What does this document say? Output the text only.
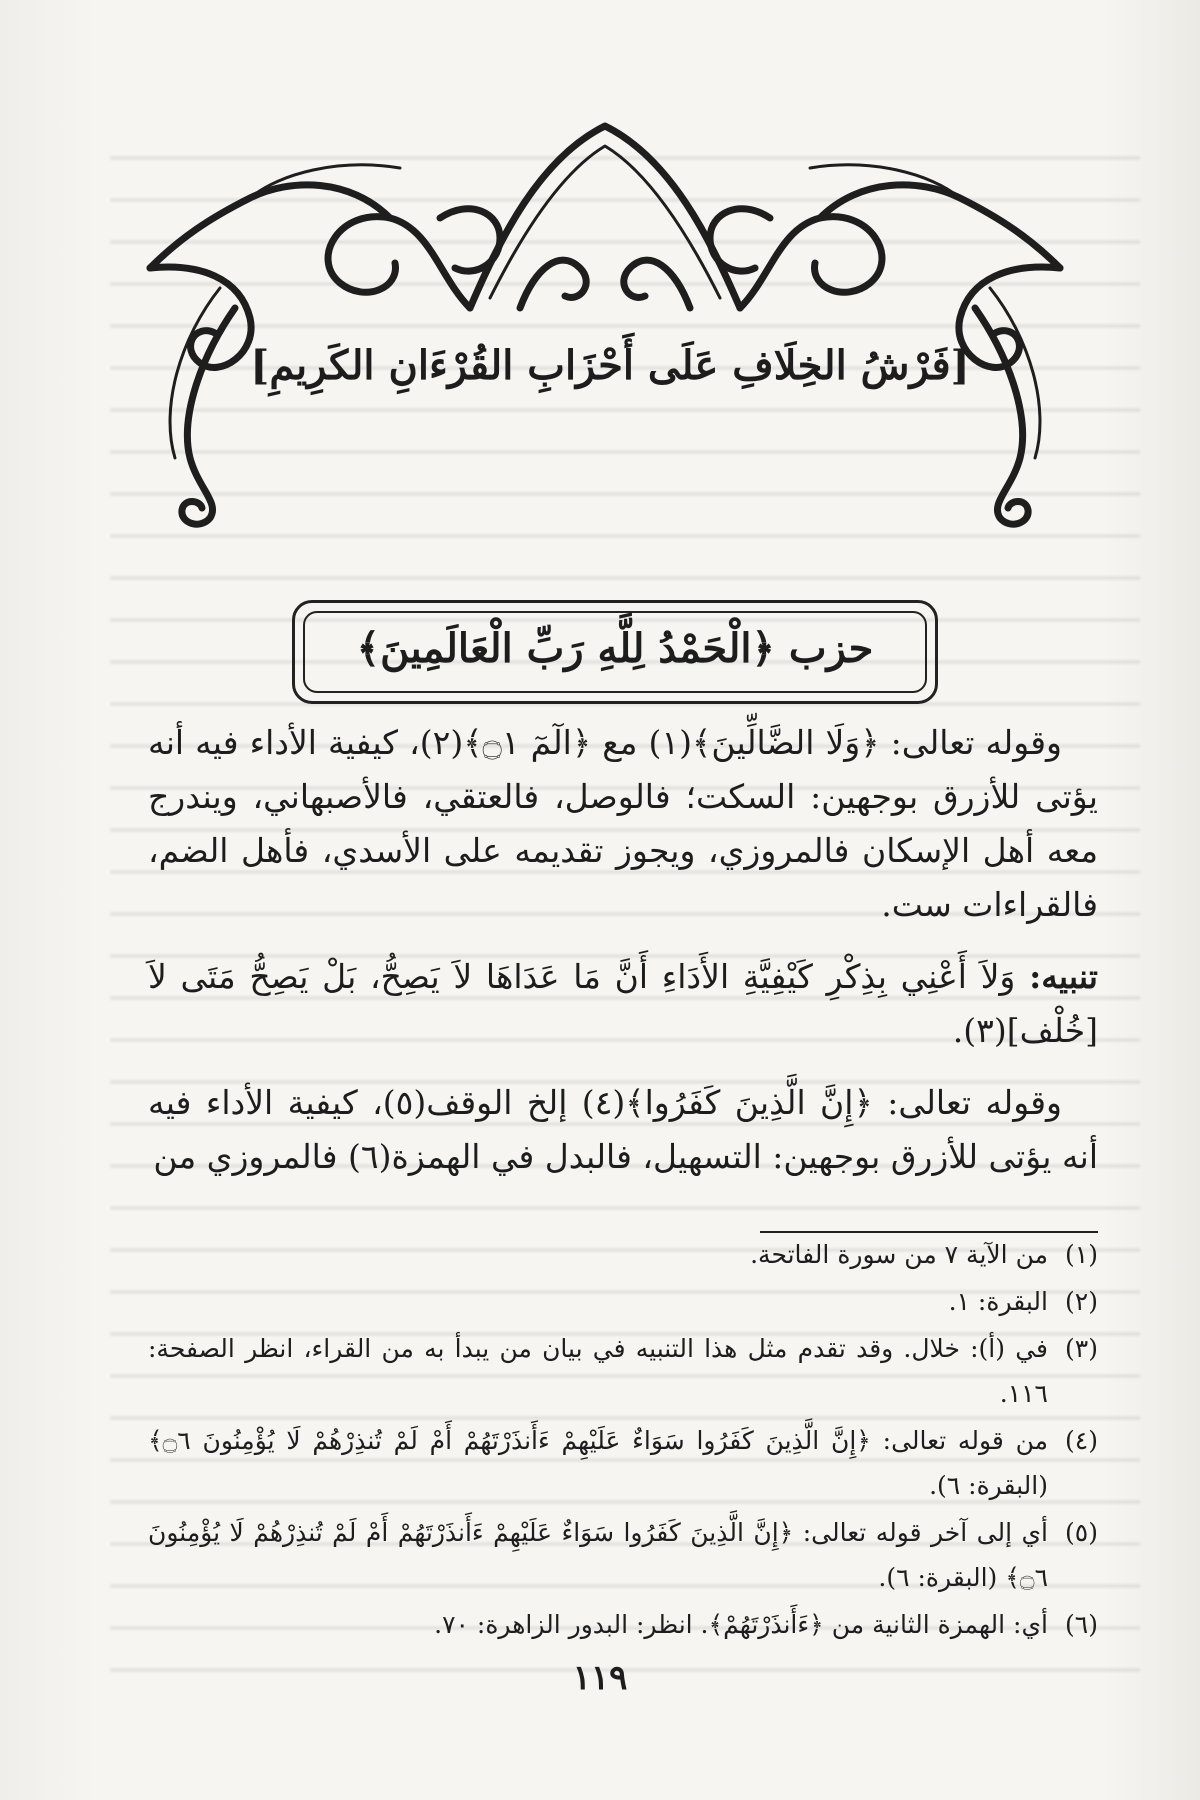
[فَرْشُ الخِلَافِ عَلَى أَحْزَابِ القُرْءَانِ الكَرِيمِ]
حزب ﴿الْحَمْدُ لِلَّهِ رَبِّ الْعَالَمِينَ﴾

وقوله تعالى: ﴿وَلَا الضَّالِّينَ﴾(١) مع ﴿الٓمٓ ۝١﴾(٢)، كيفية الأداء فيه أنه يؤتى للأزرق بوجهين: السكت؛ فالوصل، فالعتقي، فالأصبهاني، ويندرج معه أهل الإسكان فالمروزي، ويجوز تقديمه على الأسدي، فأهل الضم، فالقراءات ست.

تنبيه: وَلاَ أَعْنِي بِذِكْرِ كَيْفِيَّةِ الأَدَاءِ أَنَّ مَا عَدَاهَا لاَ يَصِحُّ، بَلْ يَصِحُّ مَتَى لاَ [خُلْف](٣).

وقوله تعالى: ﴿إِنَّ الَّذِينَ كَفَرُوا﴾(٤) إلخ الوقف(٥)، كيفية الأداء فيه أنه يؤتى للأزرق بوجهين: التسهيل، فالبدل في الهمزة(٦) فالمروزي من

(١)
من الآية ٧ من سورة الفاتحة.
(٢)
البقرة: ١.
(٣)
في (أ): خلال. وقد تقدم مثل هذا التنبيه في بيان من يبدأ به من القراء، انظر الصفحة: ١١٦.
(٤)
من قوله تعالى: ﴿إِنَّ الَّذِينَ كَفَرُوا سَوَاءٌ عَلَيْهِمْ ءَأَنذَرْتَهُمْ أَمْ لَمْ تُنذِرْهُمْ لَا يُؤْمِنُونَ ۝٦﴾ (البقرة: ٦).
(٥)
أي إلى آخر قوله تعالى: ﴿إِنَّ الَّذِينَ كَفَرُوا سَوَاءٌ عَلَيْهِمْ ءَأَنذَرْتَهُمْ أَمْ لَمْ تُنذِرْهُمْ لَا يُؤْمِنُونَ ۝٦﴾ (البقرة: ٦).
(٦)
أي: الهمزة الثانية من ﴿ءَأَنذَرْتَهُمْ﴾. انظر: البدور الزاهرة: ٧٠.
١١٩
